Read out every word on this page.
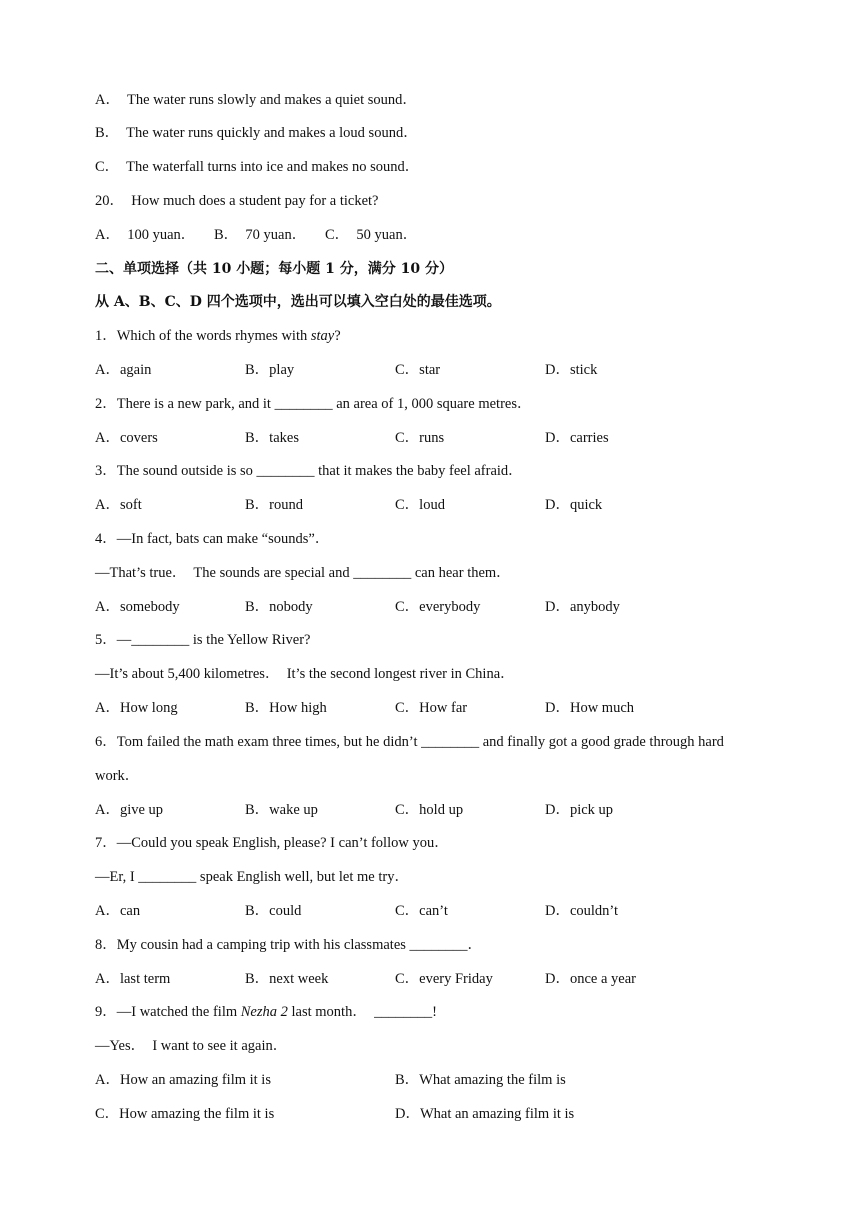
A．  The water runs slowly and makes a quiet sound．
B．  The water runs quickly and makes a loud sound．
C．  The waterfall turns into ice and makes no sound．
20．  How much does a student pay for a ticket?
A．  100 yuan． B．  70 yuan． C．  50 yuan．
二、单项选择（共 10 小题；每小题 1 分，满分 10 分）
从 A、B、C、D 四个选项中，选出可以填入空白处的最佳选项。
1．Which of the words rhymes with stay?
A．again	B．play	C．star	D．stick
2．There is a new park, and it ________ an area of 1, 000 square metres．
A．covers	B．takes	C．runs	D．carries
3．The sound outside is so ________ that it makes the baby feel afraid．
A．soft	B．round	C．loud	D．quick
4．—In fact, bats can make “sounds”．
—That’s true．  The sounds are special and ________ can hear them．
A．somebody	B．nobody	C．everybody	D．anybody
5．—________ is the Yellow River?
—It’s about 5,400 kilometres．  It’s the second longest river in China．
A．How long	B．How high	C．How far	D．How much
6．Tom failed the math exam three times, but he didn’t ________ and finally got a good grade through hard
work．
A．give up	B．wake up	C．hold up	D．pick up
7．—Could you speak English, please? I can’t follow you．
—Er, I ________ speak English well, but let me try．
A．can	B．could	C．can’t	D．couldn’t
8．My cousin had a camping trip with his classmates ________．
A．last term	B．next week	C．every Friday	D．once a year
9．—I watched the film Nezha 2 last month．  ________!
—Yes．  I want to see it again．
A．How an amazing film it is	B．What amazing the film is
C．How amazing the film it is	D．What an amazing film it is
